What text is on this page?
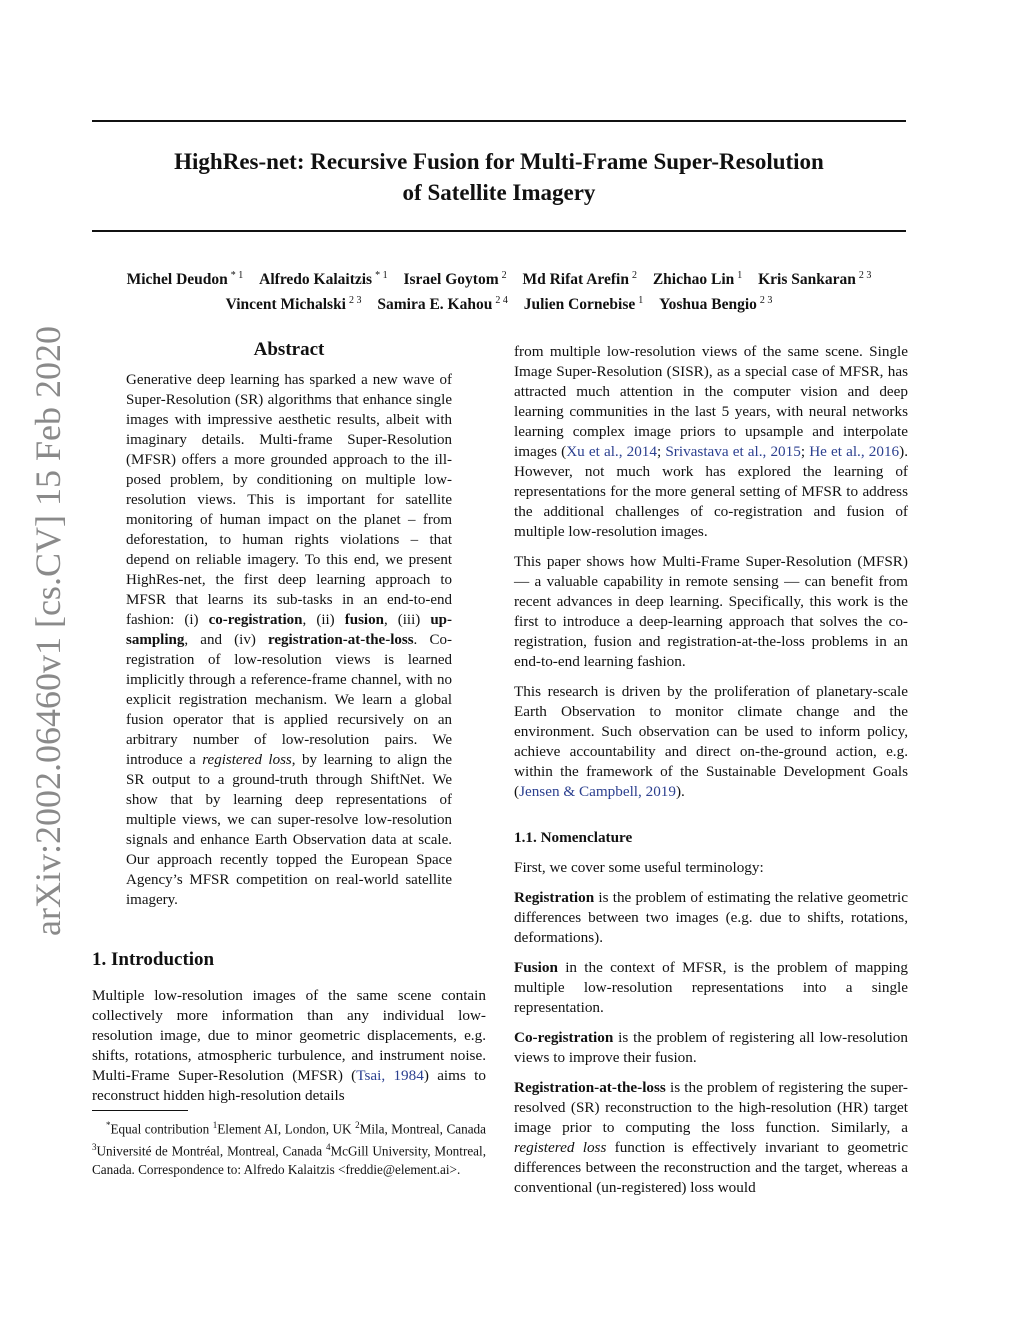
arXiv:2002.06460v1 [cs.CV] 15 Feb 2020
HighRes-net: Recursive Fusion for Multi-Frame Super-Resolution
of Satellite Imagery
Michel Deudon $^{* 1}$ Alfredo Kalaitzis $^{* 1}$ Israel Goytom $^2$ Md Rifat Arefin $^2$ Zhichao Lin $^1$ Kris Sankaran $^{2 3}$
Vincent Michalski $^{2 3}$ Samira E. Kahou $^{2 4}$ Julien Cornebise $^1$ Yoshua Bengio $^{2 3}$
Abstract
Generative deep learning has sparked a new wave of Super-Resolution (SR) algorithms that enhance single images with impressive aesthetic results, albeit with imaginary details. Multi-frame Super-Resolution (MFSR) offers a more grounded approach to the ill-posed problem, by conditioning on multiple low-resolution views. This is important for satellite monitoring of human impact on the planet – from deforestation, to human rights violations – that depend on reliable imagery. To this end, we present HighRes-net, the first deep learning approach to MFSR that learns its sub-tasks in an end-to-end fashion: (i) co-registration, (ii) fusion, (iii) up-sampling, and (iv) registration-at-the-loss. Co-registration of low-resolution views is learned implicitly through a reference-frame channel, with no explicit registration mechanism. We learn a global fusion operator that is applied recursively on an arbitrary number of low-resolution pairs. We introduce a registered loss, by learning to align the SR output to a ground-truth through ShiftNet. We show that by learning deep representations of multiple views, we can super-resolve low-resolution signals and enhance Earth Observation data at scale. Our approach recently topped the European Space Agency’s MFSR competition on real-world satellite imagery.
1. Introduction

Multiple low-resolution images of the same scene contain collectively more information than any individual low-resolution image, due to minor geometric displacements, e.g. shifts, rotations, atmospheric turbulence, and instrument noise. Multi-Frame Super-Resolution (MFSR) (Tsai, 1984) aims to reconstruct hidden high-resolution details

*Equal contribution $^1$Element AI, London, UK $^2$Mila, Montreal, Canada $^3$Université de Montréal, Montreal, Canada $^4$McGill University, Montreal, Canada. Correspondence to: Alfredo Kalaitzis <freddie@element.ai>.

from multiple low-resolution views of the same scene. Single Image Super-Resolution (SISR), as a special case of MFSR, has attracted much attention in the computer vision and deep learning communities in the last 5 years, with neural networks learning complex image priors to upsample and interpolate images (Xu et al., 2014; Srivastava et al., 2015; He et al., 2016). However, not much work has explored the learning of representations for the more general setting of MFSR to address the additional challenges of co-registration and fusion of multiple low-resolution images.

This paper shows how Multi-Frame Super-Resolution (MFSR) — a valuable capability in remote sensing — can benefit from recent advances in deep learning. Specifically, this work is the first to introduce a deep-learning approach that solves the co-registration, fusion and registration-at-the-loss problems in an end-to-end learning fashion.

This research is driven by the proliferation of planetary-scale Earth Observation to monitor climate change and the environment. Such observation can be used to inform policy, achieve accountability and direct on-the-ground action, e.g. within the framework of the Sustainable Development Goals (Jensen & Campbell, 2019).

1.1. Nomenclature

First, we cover some useful terminology:

Registration is the problem of estimating the relative geometric differences between two images (e.g. due to shifts, rotations, deformations).

Fusion in the context of MFSR, is the problem of mapping multiple low-resolution representations into a single representation.

Co-registration is the problem of registering all low-resolution views to improve their fusion.

Registration-at-the-loss is the problem of registering the super-resolved (SR) reconstruction to the high-resolution (HR) target image prior to computing the loss function. Similarly, a registered loss function is effectively invariant to geometric differences between the reconstruction and the target, whereas a conventional (un-registered) loss would
